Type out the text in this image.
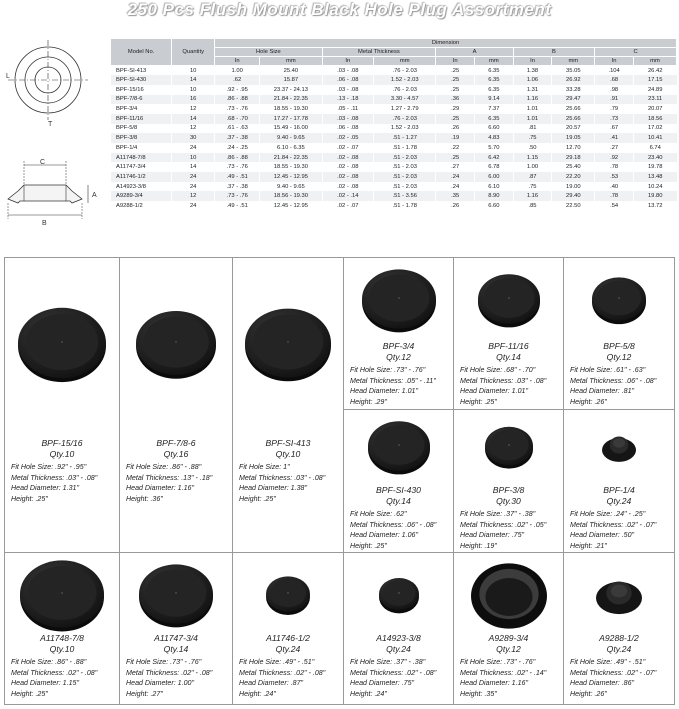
250 Pcs Flush Mount Black Hole Plug Assortment
L
T
C
A
B
Model No.	Quantity	Dimension									
		Hole Size		Metal Thickness		A		B		C	
		In	mm	In	mm	In	mm	In	mm	In	mm
BPF-SI-413	10	1.00	25.40	.03 - .08	.76 - 2.03	.25	6.35	1.38	35.05	.104	26.42
BPF-SI-430	14	.62	15.87	.06 - .08	1.52 - 2.03	.25	6.35	1.06	26.92	.68	17.15
BPF-15/16	10	.92 - .95	23.37 - 24.13	.03 - .08	.76 - 2.03	.25	6.35	1.31	33.28	.98	24.89
BPF-7/8-6	16	.86 - .88	21.84 - 22.35	.13 - .18	3.30 - 4.57	.36	9.14	1.16	29.47	.91	23.11
BPF-3/4	12	.73 - .76	18.55 - 19.30	.05 - .11	1.27 - 2.79	.29	7.37	1.01	25.66	.79	20.07
BPF-11/16	14	.68 - .70	17.27 - 17.78	.03 - .08	.76 - 2.03	.25	6.35	1.01	25.66	.73	18.56
BPF-5/8	12	.61 - .63	15.49 - 16.00	.06 - .08	1.52 - 2.03	.26	6.60	.81	20.57	.67	17.02
BPF-3/8	30	.37 - .38	9.40 - 9.65	.02 - .05	.51 - 1.27	.19	4.83	.75	19.05	.41	10.41
BPF-1/4	24	.24 - .25	6.10 - 6.35	.02 - .07	.51 - 1.78	.22	5.70	.50	12.70	.27	6.74
A11748-7/8	10	.86 - .88	21.84 - 22.35	.02 - .08	.51 - 2.03	.25	6.42	1.15	29.18	.92	23.40
A11747-3/4	14	.73 - .76	18.55 - 19.30	.02 - .08	.51 - 2.03	.27	6.78	1.00	25.40	.78	19.78
A11746-1/2	24	.49 - .51	12.45 - 12.95	.02 - .08	.51 - 2.03	.24	6.00	.87	22.20	.53	13.48
A14923-3/8	24	.37 - .38	9.40 - 9.65	.02 - .08	.51 - 2.03	.24	6.10	.75	19.00	.40	10.24
A9289-3/4	12	.73 - .76	18.56 - 19.30	.02 - .14	.51 - 3.56	.35	8.90	1.16	29.40	.78	19.80
A9288-1/2	24	.49 - .51	12.45 - 12.95	.02 - .07	.51 - 1.78	.26	6.60	.85	22.50	.54	13.72
BPF-15/16
Qty.10
Fit Hole Size: .92" - .95"
Metal Thickness: .03" - .08"
Head Diameter: 1.31"
Height: .25"
BPF-7/8-6
Qty.16
Fit Hole Size: .86" - .88"
Metal Thickness: .13" - .18"
Head Diameter: 1.16"
Height: .36"
BPF-SI-413
Qty.10
Fit Hole Size: 1"
Metal Thickness: .03" - .08"
Head Diameter: 1.38"
Height: .25"
BPF-3/4
Qty.12
Fit Hole Size: .73" - .76"
Metal Thickness: .05" - .11"
Head Diameter: 1.01"
Height: .29"
BPF-11/16
Qty.14
Fit Hole Size: .68" - .70"
Metal Thickness: .03" - .08"
Head Diameter: 1.01"
Height: .25"
BPF-5/8
Qty.12
Fit Hole Size: .61" - .63"
Metal Thickness: .06" - .08"
Head Diameter: .81"
Height: .26"
BPF-SI-430
Qty.14
Fit Hole Size: .62"
Metal Thickness: .06" - .08"
Head Diameter: 1.06"
Height: .25"
BPF-3/8
Qty.30
Fit Hole Size: .37" - .38"
Metal Thickness: .02" - .05"
Head Diameter: .75"
Height: .19"
BPF-1/4
Qty.24
Fit Hole Size: .24" - .25"
Metal Thickness: .02" - .07"
Head Diameter: .50"
Height: .21"
A11748-7/8
Qty.10
Fit Hole Size: .86" - .88"
Metal Thickness: .02" - .08"
Head Diameter: 1.15"
Height: .25"
A11747-3/4
Qty.14
Fit Hole Size: .73" - .76"
Metal Thickness: .02" - .08"
Head Diameter: 1.00"
Height: .27"
A11746-1/2
Qty.24
Fit Hole Size: .49" - .51"
Metal Thickness: .02" - .08"
Head Diameter: .87"
Height: .24"
A14923-3/8
Qty.24
Fit Hole Size: .37" - .38"
Metal Thickness: .02" - .08"
Head Diameter: .75"
Height: .24"
A9289-3/4
Qty.12
Fit Hole Size: .73" - .76"
Metal Thickness: .02" - .14"
Head Diameter: 1.16"
Height: .35"
A9288-1/2
Qty.24
Fit Hole Size: .49" - .51"
Metal Thickness: .02" - .07"
Head Diameter: .86"
Height: .26"
